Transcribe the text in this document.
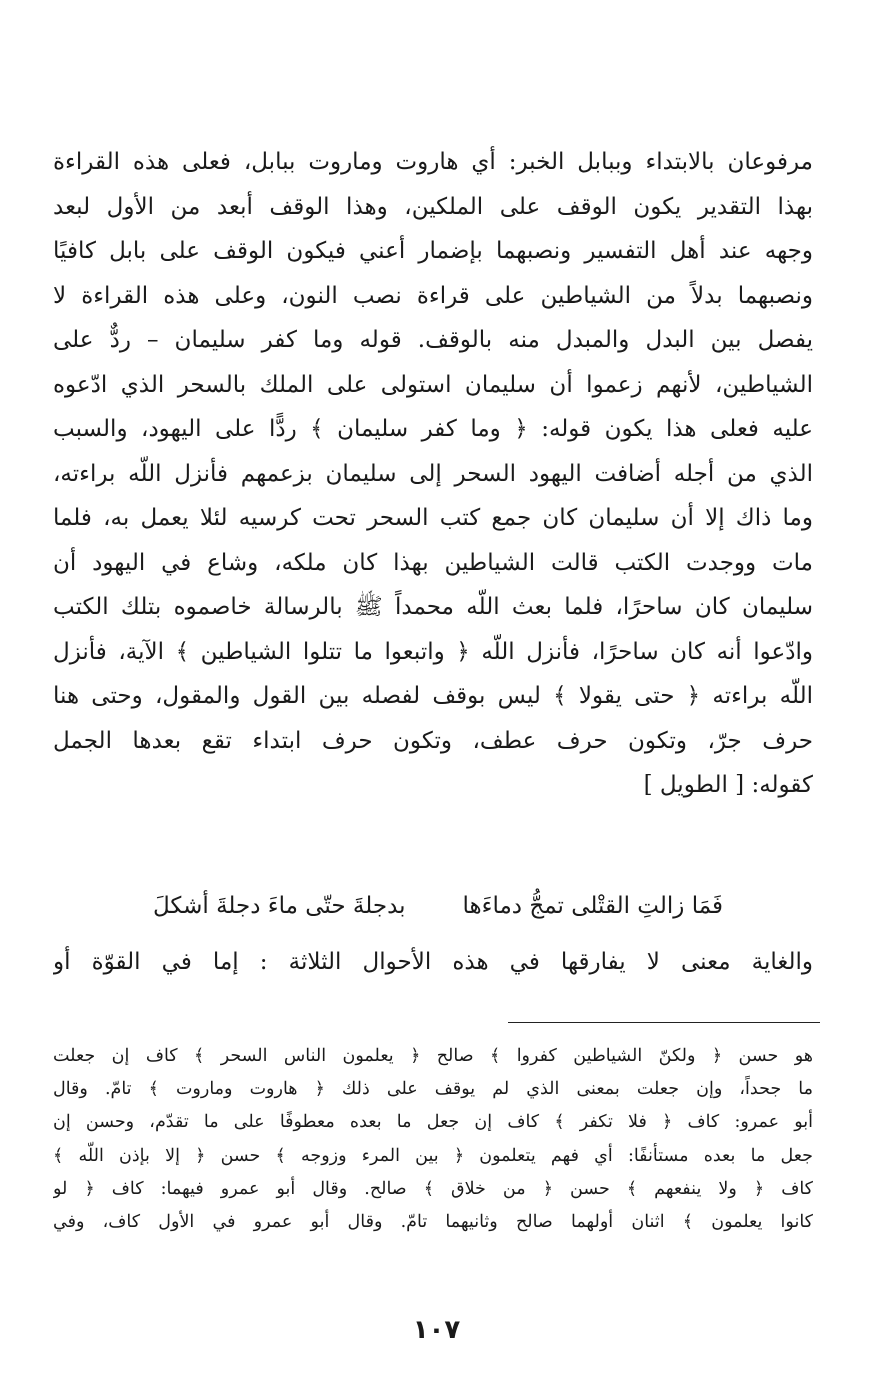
مرفوعان بالابتداء وببابل الخبر: أي هاروت وماروت ببابل، فعلى هذه القراءة
بهذا التقدير يكون الوقف على الملكين، وهذا الوقف أبعد من الأول لبعد
وجهه عند أهل التفسير ونصبهما بإضمار أعني فيكون الوقف على بابل كافيًا
ونصبهما بدلاً من الشياطين على قراءة نصب النون، وعلى هذه القراءة لا
يفصل بين البدل والمبدل منه بالوقف. قوله وما كفر سليمان – ردٌّ على
الشياطين، لأنهم زعموا أن سليمان استولى على الملك بالسحر الذي ادّعوه
عليه فعلى هذا يكون قوله: ﴿ وما كفر سليمان ﴾ ردًّا على اليهود، والسبب
الذي من أجله أضافت اليهود السحر إلى سليمان بزعمهم فأنزل اللّه براءته،
وما ذاك إلا أن سليمان كان جمع كتب السحر تحت كرسيه لئلا يعمل به، فلما
مات ووجدت الكتب قالت الشياطين بهذا كان ملكه، وشاع في اليهود أن
سليمان كان ساحرًا، فلما بعث اللّه محمداً ﷺ بالرسالة خاصموه بتلك الكتب
وادّعوا أنه كان ساحرًا، فأنزل اللّه ﴿ واتبعوا ما تتلوا الشياطين ﴾ الآية، فأنزل
اللّه براءته ﴿ حتى يقولا ﴾ ليس بوقف لفصله بين القول والمقول، وحتى هنا
حرف جرّ، وتكون حرف عطف، وتكون حرف ابتداء تقع بعدها الجمل
كقوله: [ الطويل ]
فَمَا زالتِ القتْلى تمجُّ دماءَها
بدجلةَ حتّى ماءَ دجلةَ أشكلَ
والغاية معنى لا يفارقها في هذه الأحوال الثلاثة : إما في القوّة أو
هو حسن ﴿ ولكنّ الشياطين كفروا ﴾ صالح ﴿ يعلمون الناس السحر ﴾ كاف إن جعلت
ما جحداً، وإن جعلت بمعنى الذي لم يوقف على ذلك ﴿ هاروت وماروت ﴾ تامّ. وقال
أبو عمرو: كاف ﴿ فلا تكفر ﴾ كاف إن جعل ما بعده معطوفًا على ما تقدّم، وحسن إن
جعل ما بعده مستأنفًا: أي فهم يتعلمون ﴿ بين المرء وزوجه ﴾ حسن ﴿ إلا بإذن اللّه ﴾
كاف ﴿ ولا ينفعهم ﴾ حسن ﴿ من خلاق ﴾ صالح. وقال أبو عمرو فيهما: كاف ﴿ لو
كانوا يعلمون ﴾ اثنان أولهما صالح وثانيهما تامّ. وقال أبو عمرو في الأول كاف، وفي
١٠٧
